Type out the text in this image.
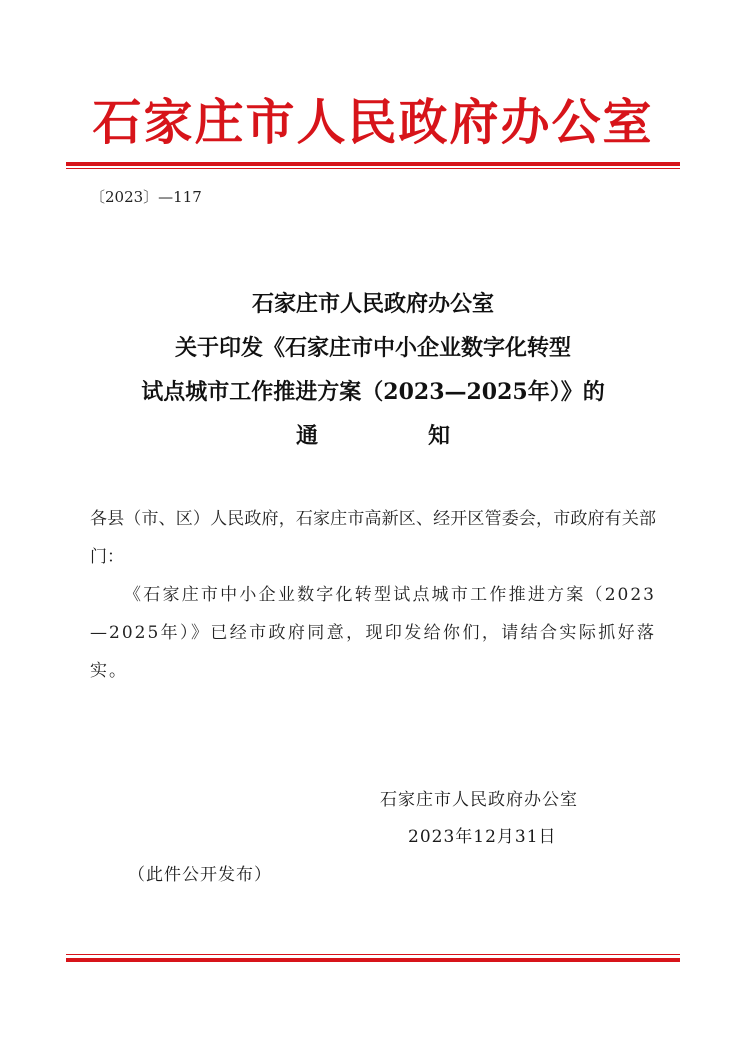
石家庄市人民政府办公室
〔2023〕—117
石家庄市人民政府办公室
关于印发《石家庄市中小企业数字化转型
试点城市工作推进方案（2023—2025年）》的
通	知

各县（市、区）人民政府，石家庄市高新区、经开区管委会，市政府有关部门：

《石家庄市中小企业数字化转型试点城市工作推进方案（2023—2025年）》已经市政府同意，现印发给你们，请结合实际抓好落实。

石家庄市人民政府办公室
2023年12月31日
（此件公开发布）
